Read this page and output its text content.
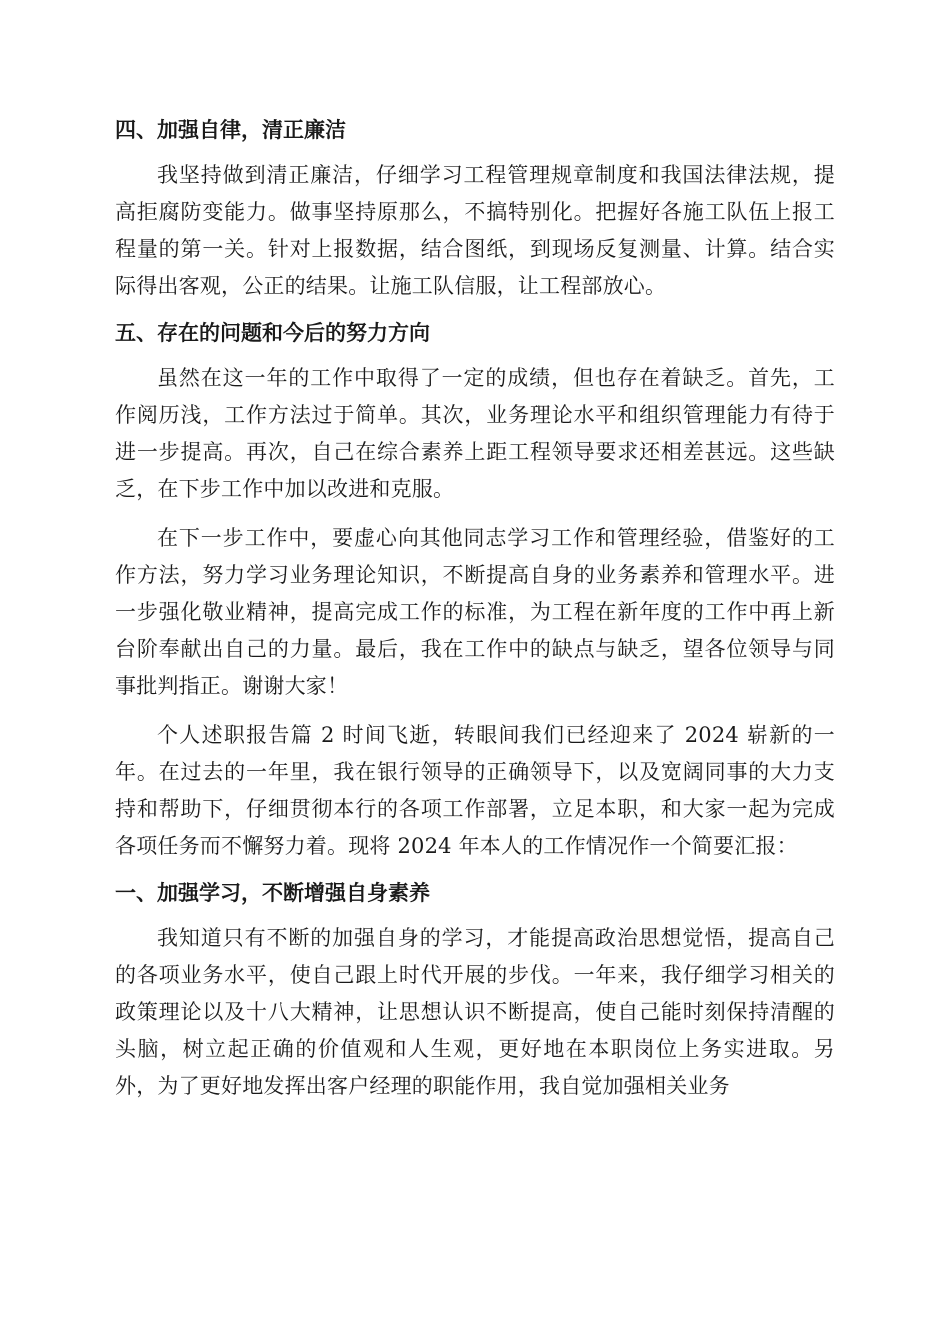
四、加强自律，清正廉洁

我坚持做到清正廉洁，仔细学习工程管理规章制度和我国法律法规，提高拒腐防变能力。做事坚持原那么，不搞特别化。把握好各施工队伍上报工程量的第一关。针对上报数据，结合图纸，到现场反复测量、计算。结合实际得出客观，公正的结果。让施工队信服，让工程部放心。

五、存在的问题和今后的努力方向

虽然在这一年的工作中取得了一定的成绩，但也存在着缺乏。首先，工作阅历浅，工作方法过于简单。其次，业务理论水平和组织管理能力有待于进一步提高。再次，自己在综合素养上距工程领导要求还相差甚远。这些缺乏，在下步工作中加以改进和克服。

在下一步工作中，要虚心向其他同志学习工作和管理经验，借鉴好的工作方法，努力学习业务理论知识，不断提高自身的业务素养和管理水平。进一步强化敬业精神，提高完成工作的标准，为工程在新年度的工作中再上新台阶奉献出自己的力量。最后，我在工作中的缺点与缺乏，望各位领导与同事批判指正。谢谢大家！

个人述职报告篇 2 时间飞逝，转眼间我们已经迎来了 2024 崭新的一年。在过去的一年里，我在银行领导的正确领导下，以及宽阔同事的大力支持和帮助下，仔细贯彻本行的各项工作部署，立足本职，和大家一起为完成各项任务而不懈努力着。现将 2024 年本人的工作情况作一个简要汇报：

一、加强学习，不断增强自身素养

我知道只有不断的加强自身的学习，才能提高政治思想觉悟，提高自己的各项业务水平，使自己跟上时代开展的步伐。一年来，我仔细学习相关的政策理论以及十八大精神，让思想认识不断提高，使自己能时刻保持清醒的头脑，树立起正确的价值观和人生观，更好地在本职岗位上务实进取。另外，为了更好地发挥出客户经理的职能作用，我自觉加强相关业务
